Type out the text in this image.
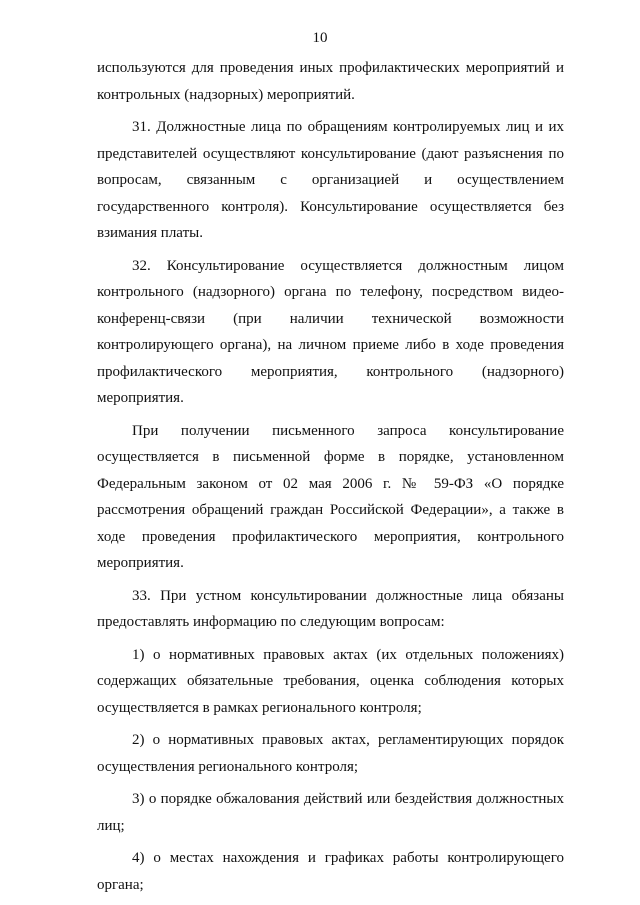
10

используются для проведения иных профилактических мероприятий и контрольных (надзорных) мероприятий.

31. Должностные лица по обращениям контролируемых лиц и их представителей осуществляют консультирование (дают разъяснения по вопросам, связанным с организацией и осуществлением государственного контроля). Консультирование осуществляется без взимания платы.

32. Консультирование осуществляется должностным лицом контрольного (надзорного) органа по телефону, посредством видео-конференц-связи (при наличии технической возможности контролирующего органа), на личном приеме либо в ходе проведения профилактического мероприятия, контрольного (надзорного) мероприятия.

При получении письменного запроса консультирование осуществляется в письменной форме в порядке, установленном Федеральным законом от 02 мая 2006 г. № 59-ФЗ «О порядке рассмотрения обращений граждан Российской Федерации», а также в ходе проведения профилактического мероприятия, контрольного мероприятия.

33. При устном консультировании должностные лица обязаны предоставлять информацию по следующим вопросам:

1) о нормативных правовых актах (их отдельных положениях) содержащих обязательные требования, оценка соблюдения которых осуществляется в рамках регионального контроля;

2) о нормативных правовых актах, регламентирующих порядок осуществления регионального контроля;

3) о порядке обжалования действий или бездействия должностных лиц;

4) о местах нахождения и графиках работы контролирующего органа;
